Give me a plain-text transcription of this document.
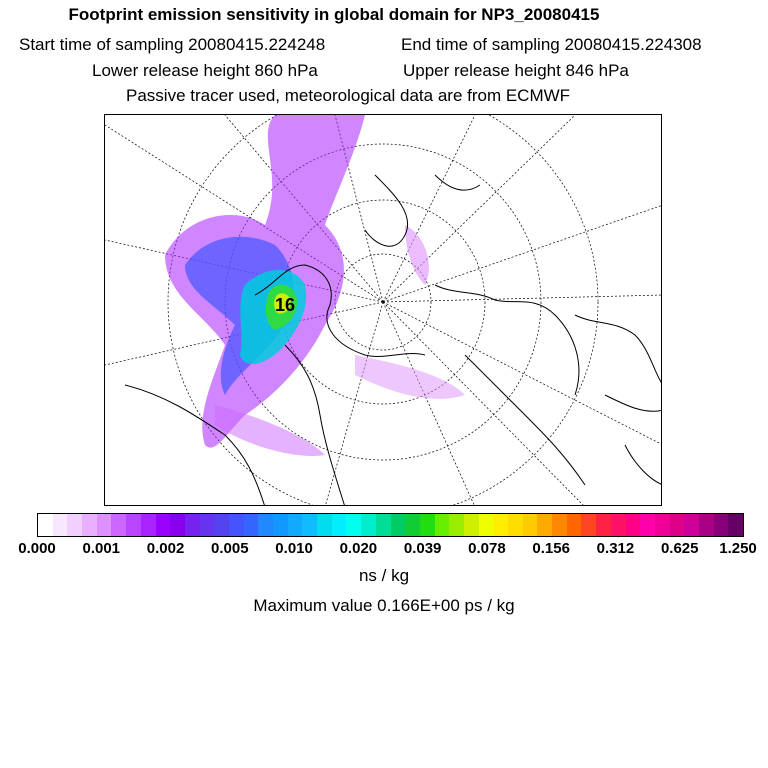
Footprint emission sensitivity in global domain for NP3_20080415
Start time of sampling 20080415.224248	End time of sampling 20080415.224308
Lower release height 860 hPa	Upper release height 846 hPa
Passive tracer used, meteorological data are from ECMWF
16
0.000 0.001 0.002 0.005 0.010 0.020 0.039 0.078 0.156 0.312 0.625 1.250
ns / kg
Maximum value 0.166E+00 ps / kg
